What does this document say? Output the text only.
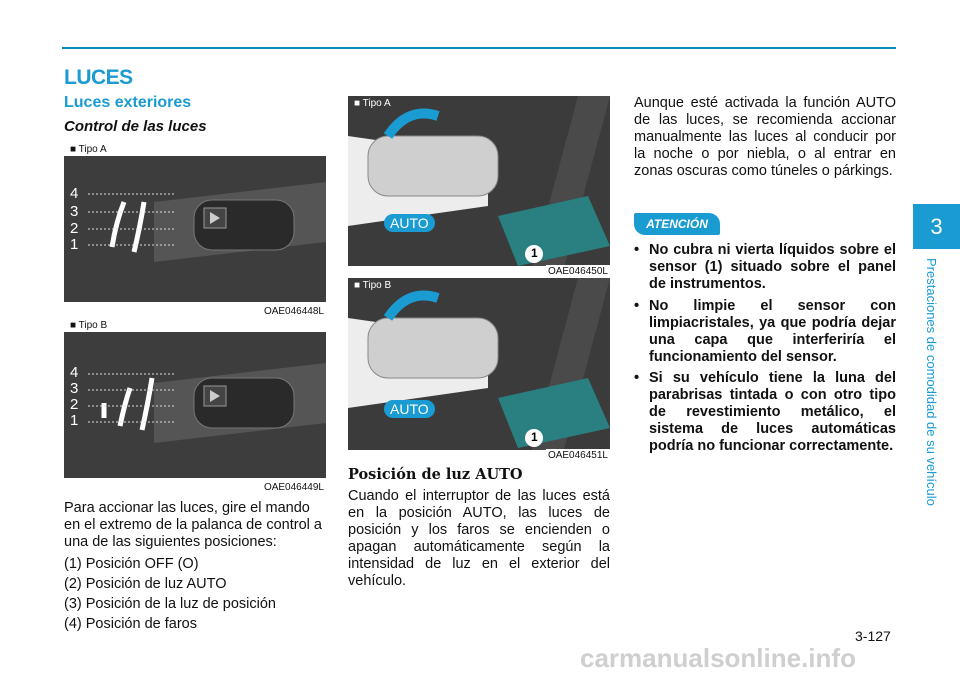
LUCES
Luces exteriores
Control de las luces
■ Tipo A
4
3
2
1
OAE046448L
■ Tipo B
4
3
2
1
OAE046449L
Para accionar las luces, gire el mando en el extremo de la palanca de control a una de las siguientes posiciones:
(1) Posición OFF (O)
(2) Posición de luz AUTO
(3) Posición de la luz de posición
(4) Posición de faros
■ Tipo A
AUTO
1
OAE046450L
■ Tipo B
AUTO
1
OAE046451L
Posición de luz AUTO
Cuando el interruptor de las luces está en la posición AUTO, las luces de posición y los faros se encienden o apagan automáticamente según la intensidad de luz en el exterior del vehículo.
Aunque esté activada la función AUTO de las luces, se recomienda accionar manualmente las luces al conducir por la noche o por niebla, o al entrar en zonas oscuras como túneles o párkings.
ATENCIÓN
• No cubra ni vierta líquidos sobre el sensor (1) situado sobre el panel de instrumentos.
• No limpie el sensor con limpiacristales, ya que podría dejar una capa que interferiría el funcionamiento del sensor.
• Si su vehículo tiene la luna del parabrisas tintada o con otro tipo de revestimiento metálico, el sistema de luces automáticas podría no funcionar correctamente.
3
Prestaciones de comodidad de su vehículo
3-127
carmanualsonline.info
